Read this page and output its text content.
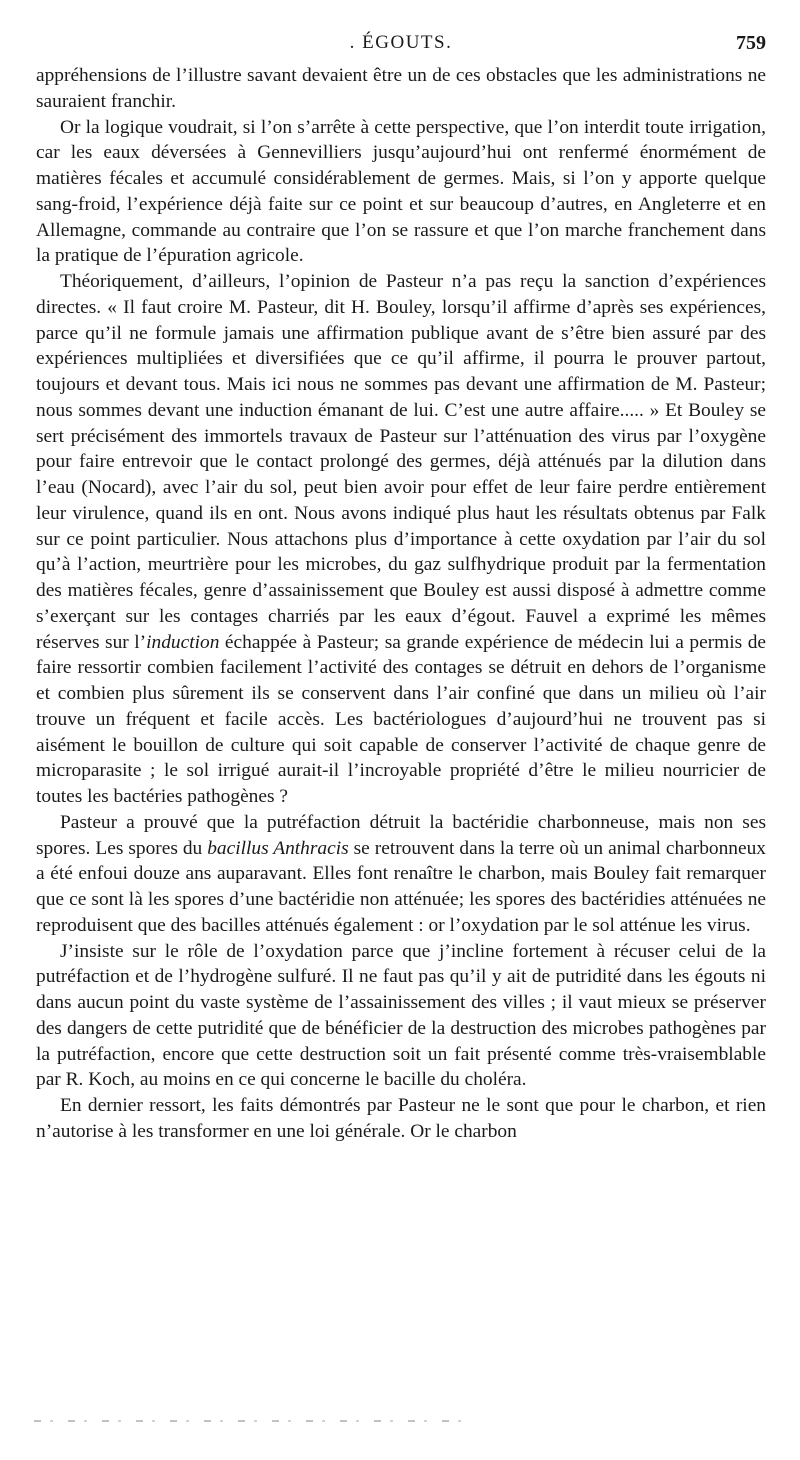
. ÉGOUTS.	759

appréhensions de l’illustre savant devaient être un de ces obstacles que les administrations ne sauraient franchir.

Or la logique voudrait, si l’on s’arrête à cette perspective, que l’on interdit toute irrigation, car les eaux déversées à Gennevilliers jusqu’aujourd’hui ont renfermé énormément de matières fécales et accumulé considérablement de germes. Mais, si l’on y apporte quelque sang-froid, l’expérience déjà faite sur ce point et sur beaucoup d’autres, en Angleterre et en Allemagne, commande au contraire que l’on se rassure et que l’on marche franchement dans la pratique de l’épuration agricole.

Théoriquement, d’ailleurs, l’opinion de Pasteur n’a pas reçu la sanction d’expériences directes. « Il faut croire M. Pasteur, dit H. Bouley, lorsqu’il affirme d’après ses expériences, parce qu’il ne formule jamais une affirmation publique avant de s’être bien assuré par des expériences multipliées et diversifiées que ce qu’il affirme, il pourra le prouver partout, toujours et devant tous. Mais ici nous ne sommes pas devant une affirmation de M. Pasteur; nous sommes devant une induction émanant de lui. C’est une autre affaire..... » Et Bouley se sert précisément des immortels travaux de Pasteur sur l’atténuation des virus par l’oxygène pour faire entrevoir que le contact prolongé des germes, déjà atténués par la dilution dans l’eau (Nocard), avec l’air du sol, peut bien avoir pour effet de leur faire perdre entièrement leur virulence, quand ils en ont. Nous avons indiqué plus haut les résultats obtenus par Falk sur ce point particulier. Nous attachons plus d’importance à cette oxydation par l’air du sol qu’à l’action, meurtrière pour les microbes, du gaz sulfhydrique produit par la fermentation des matières fécales, genre d’assainissement que Bouley est aussi disposé à admettre comme s’exerçant sur les contages charriés par les eaux d’égout. Fauvel a exprimé les mêmes réserves sur l’induction échappée à Pasteur; sa grande expérience de médecin lui a permis de faire ressortir combien facilement l’activité des contages se détruit en dehors de l’organisme et combien plus sûrement ils se conservent dans l’air confiné que dans un milieu où l’air trouve un fréquent et facile accès. Les bactériologues d’aujourd’hui ne trouvent pas si aisément le bouillon de culture qui soit capable de conserver l’activité de chaque genre de microparasite ; le sol irrigué aurait-il l’incroyable propriété d’être le milieu nourricier de toutes les bactéries pathogènes ?

Pasteur a prouvé que la putréfaction détruit la bactéridie charbonneuse, mais non ses spores. Les spores du bacillus Anthracis se retrouvent dans la terre où un animal charbonneux a été enfoui douze ans auparavant. Elles font renaître le charbon, mais Bouley fait remarquer que ce sont là les spores d’une bactéridie non atténuée; les spores des bactéridies atténuées ne reproduisent que des bacilles atténués également : or l’oxydation par le sol atténue les virus.

J’insiste sur le rôle de l’oxydation parce que j’incline fortement à récuser celui de la putréfaction et de l’hydrogène sulfuré. Il ne faut pas qu’il y ait de putridité dans les égouts ni dans aucun point du vaste système de l’assainissement des villes ; il vaut mieux se préserver des dangers de cette putridité que de bénéficier de la destruction des microbes pathogènes par la putréfaction, encore que cette destruction soit un fait présenté comme très-vraisemblable par R. Koch, au moins en ce qui concerne le bacille du choléra.

En dernier ressort, les faits démontrés par Pasteur ne le sont que pour le charbon, et rien n’autorise à les transformer en une loi générale. Or le charbon
